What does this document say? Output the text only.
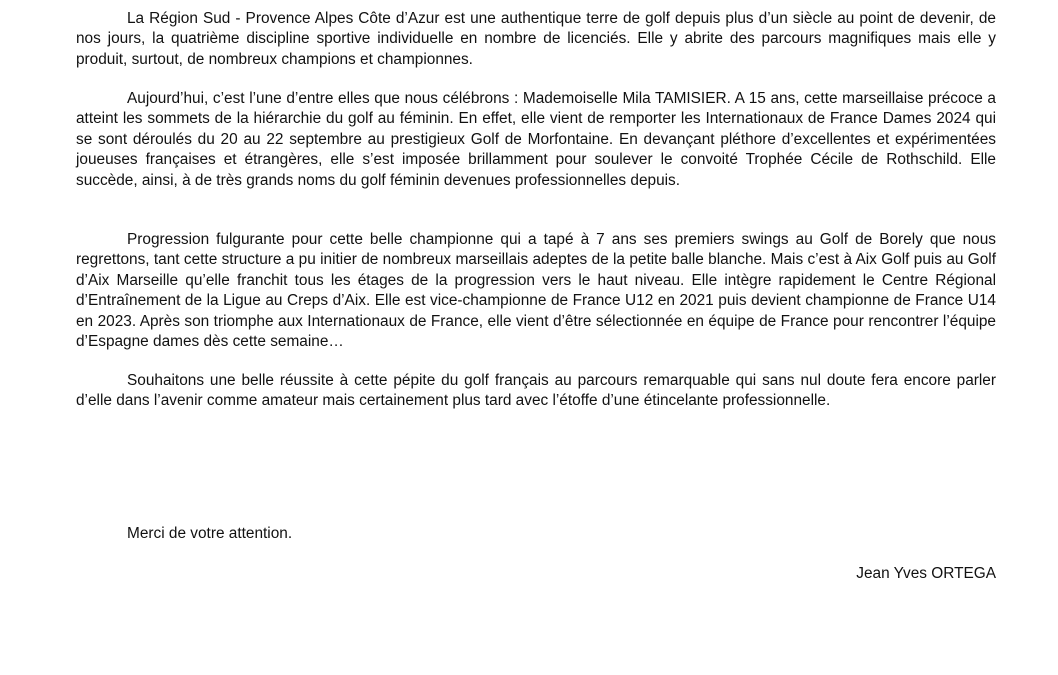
La Région Sud - Provence Alpes Côte d’Azur est une authentique terre de golf depuis plus d’un siècle au point de devenir, de nos jours, la quatrième discipline sportive individuelle en nombre de licenciés. Elle y abrite des parcours magnifiques mais elle y produit, surtout, de nombreux champions et championnes.

Aujourd’hui, c’est l’une d’entre elles que nous célébrons : Mademoiselle Mila TAMISIER. A 15 ans, cette marseillaise précoce a atteint les sommets de la hiérarchie du golf au féminin. En effet, elle vient de remporter les Internationaux de France Dames 2024 qui se sont déroulés du 20 au 22 septembre au prestigieux Golf de Morfontaine. En devançant pléthore d’excellentes et expérimentées joueuses françaises et étrangères, elle s’est imposée brillamment pour soulever le convoité Trophée Cécile de Rothschild. Elle succède, ainsi, à de très grands noms du golf féminin devenues professionnelles depuis.

Progression fulgurante pour cette belle championne qui a tapé à 7 ans ses premiers swings au Golf de Borely que nous regrettons, tant cette structure a pu initier de nombreux marseillais adeptes de la petite balle blanche. Mais c’est à Aix Golf puis au Golf d’Aix Marseille qu’elle franchit tous les étages de la progression vers le haut niveau. Elle intègre rapidement le Centre Régional d’Entraînement de la Ligue au Creps d’Aix. Elle est vice-championne de France U12 en 2021 puis devient championne de France U14 en 2023. Après son triomphe aux Internationaux de France, elle vient d’être sélectionnée en équipe de France pour rencontrer l’équipe d’Espagne dames dès cette semaine…

Souhaitons une belle réussite à cette pépite du golf français au parcours remarquable qui sans nul doute fera encore parler d’elle dans l’avenir comme amateur mais certainement plus tard avec l’étoffe d’une étincelante professionnelle.

Merci de votre attention.

Jean Yves ORTEGA
